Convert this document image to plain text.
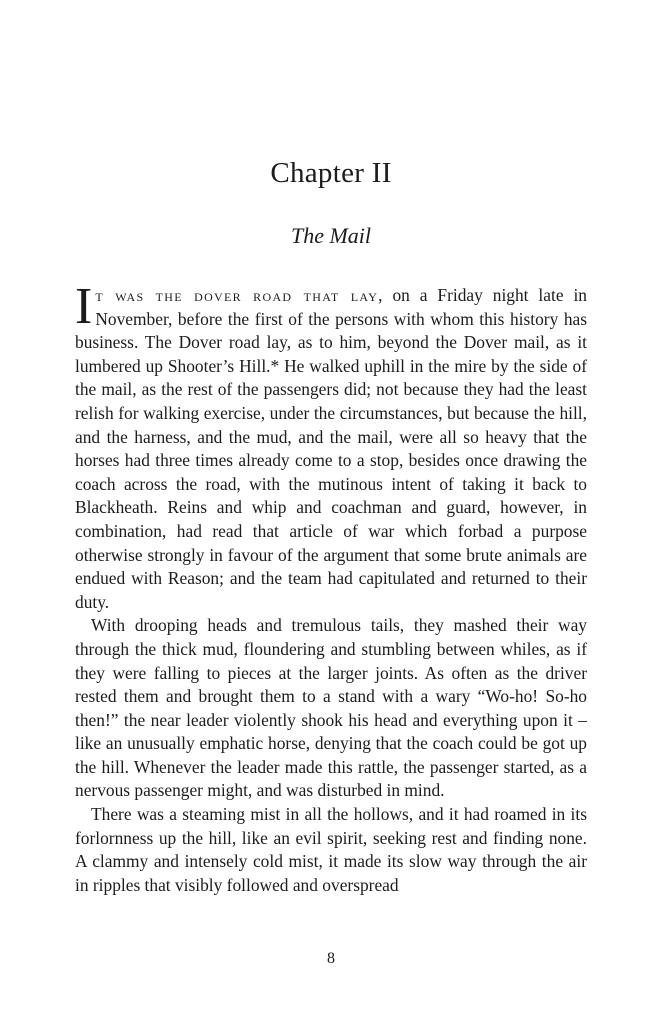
Chapter II
The Mail

It was the dover road that lay, on a Friday night late in November, before the first of the persons with whom this history has business. The Dover road lay, as to him, beyond the Dover mail, as it lumbered up Shooter’s Hill.* He walked uphill in the mire by the side of the mail, as the rest of the passengers did; not because they had the least relish for walking exercise, under the circumstances, but because the hill, and the harness, and the mud, and the mail, were all so heavy that the horses had three times already come to a stop, besides once drawing the coach across the road, with the mutinous intent of taking it back to Blackheath. Reins and whip and coachman and guard, however, in combination, had read that article of war which forbad a purpose otherwise strongly in favour of the argument that some brute animals are endued with Reason; and the team had capitulated and returned to their duty.

With drooping heads and tremulous tails, they mashed their way through the thick mud, floundering and stumbling between whiles, as if they were falling to pieces at the larger joints. As often as the driver rested them and brought them to a stand with a wary “Wo-ho! So-ho then!” the near leader violently shook his head and everything upon it – like an unusually emphatic horse, denying that the coach could be got up the hill. Whenever the leader made this rattle, the passenger started, as a nervous passenger might, and was disturbed in mind.

There was a steaming mist in all the hollows, and it had roamed in its forlornness up the hill, like an evil spirit, seeking rest and finding none. A clammy and intensely cold mist, it made its slow way through the air in ripples that visibly followed and overspread

8
